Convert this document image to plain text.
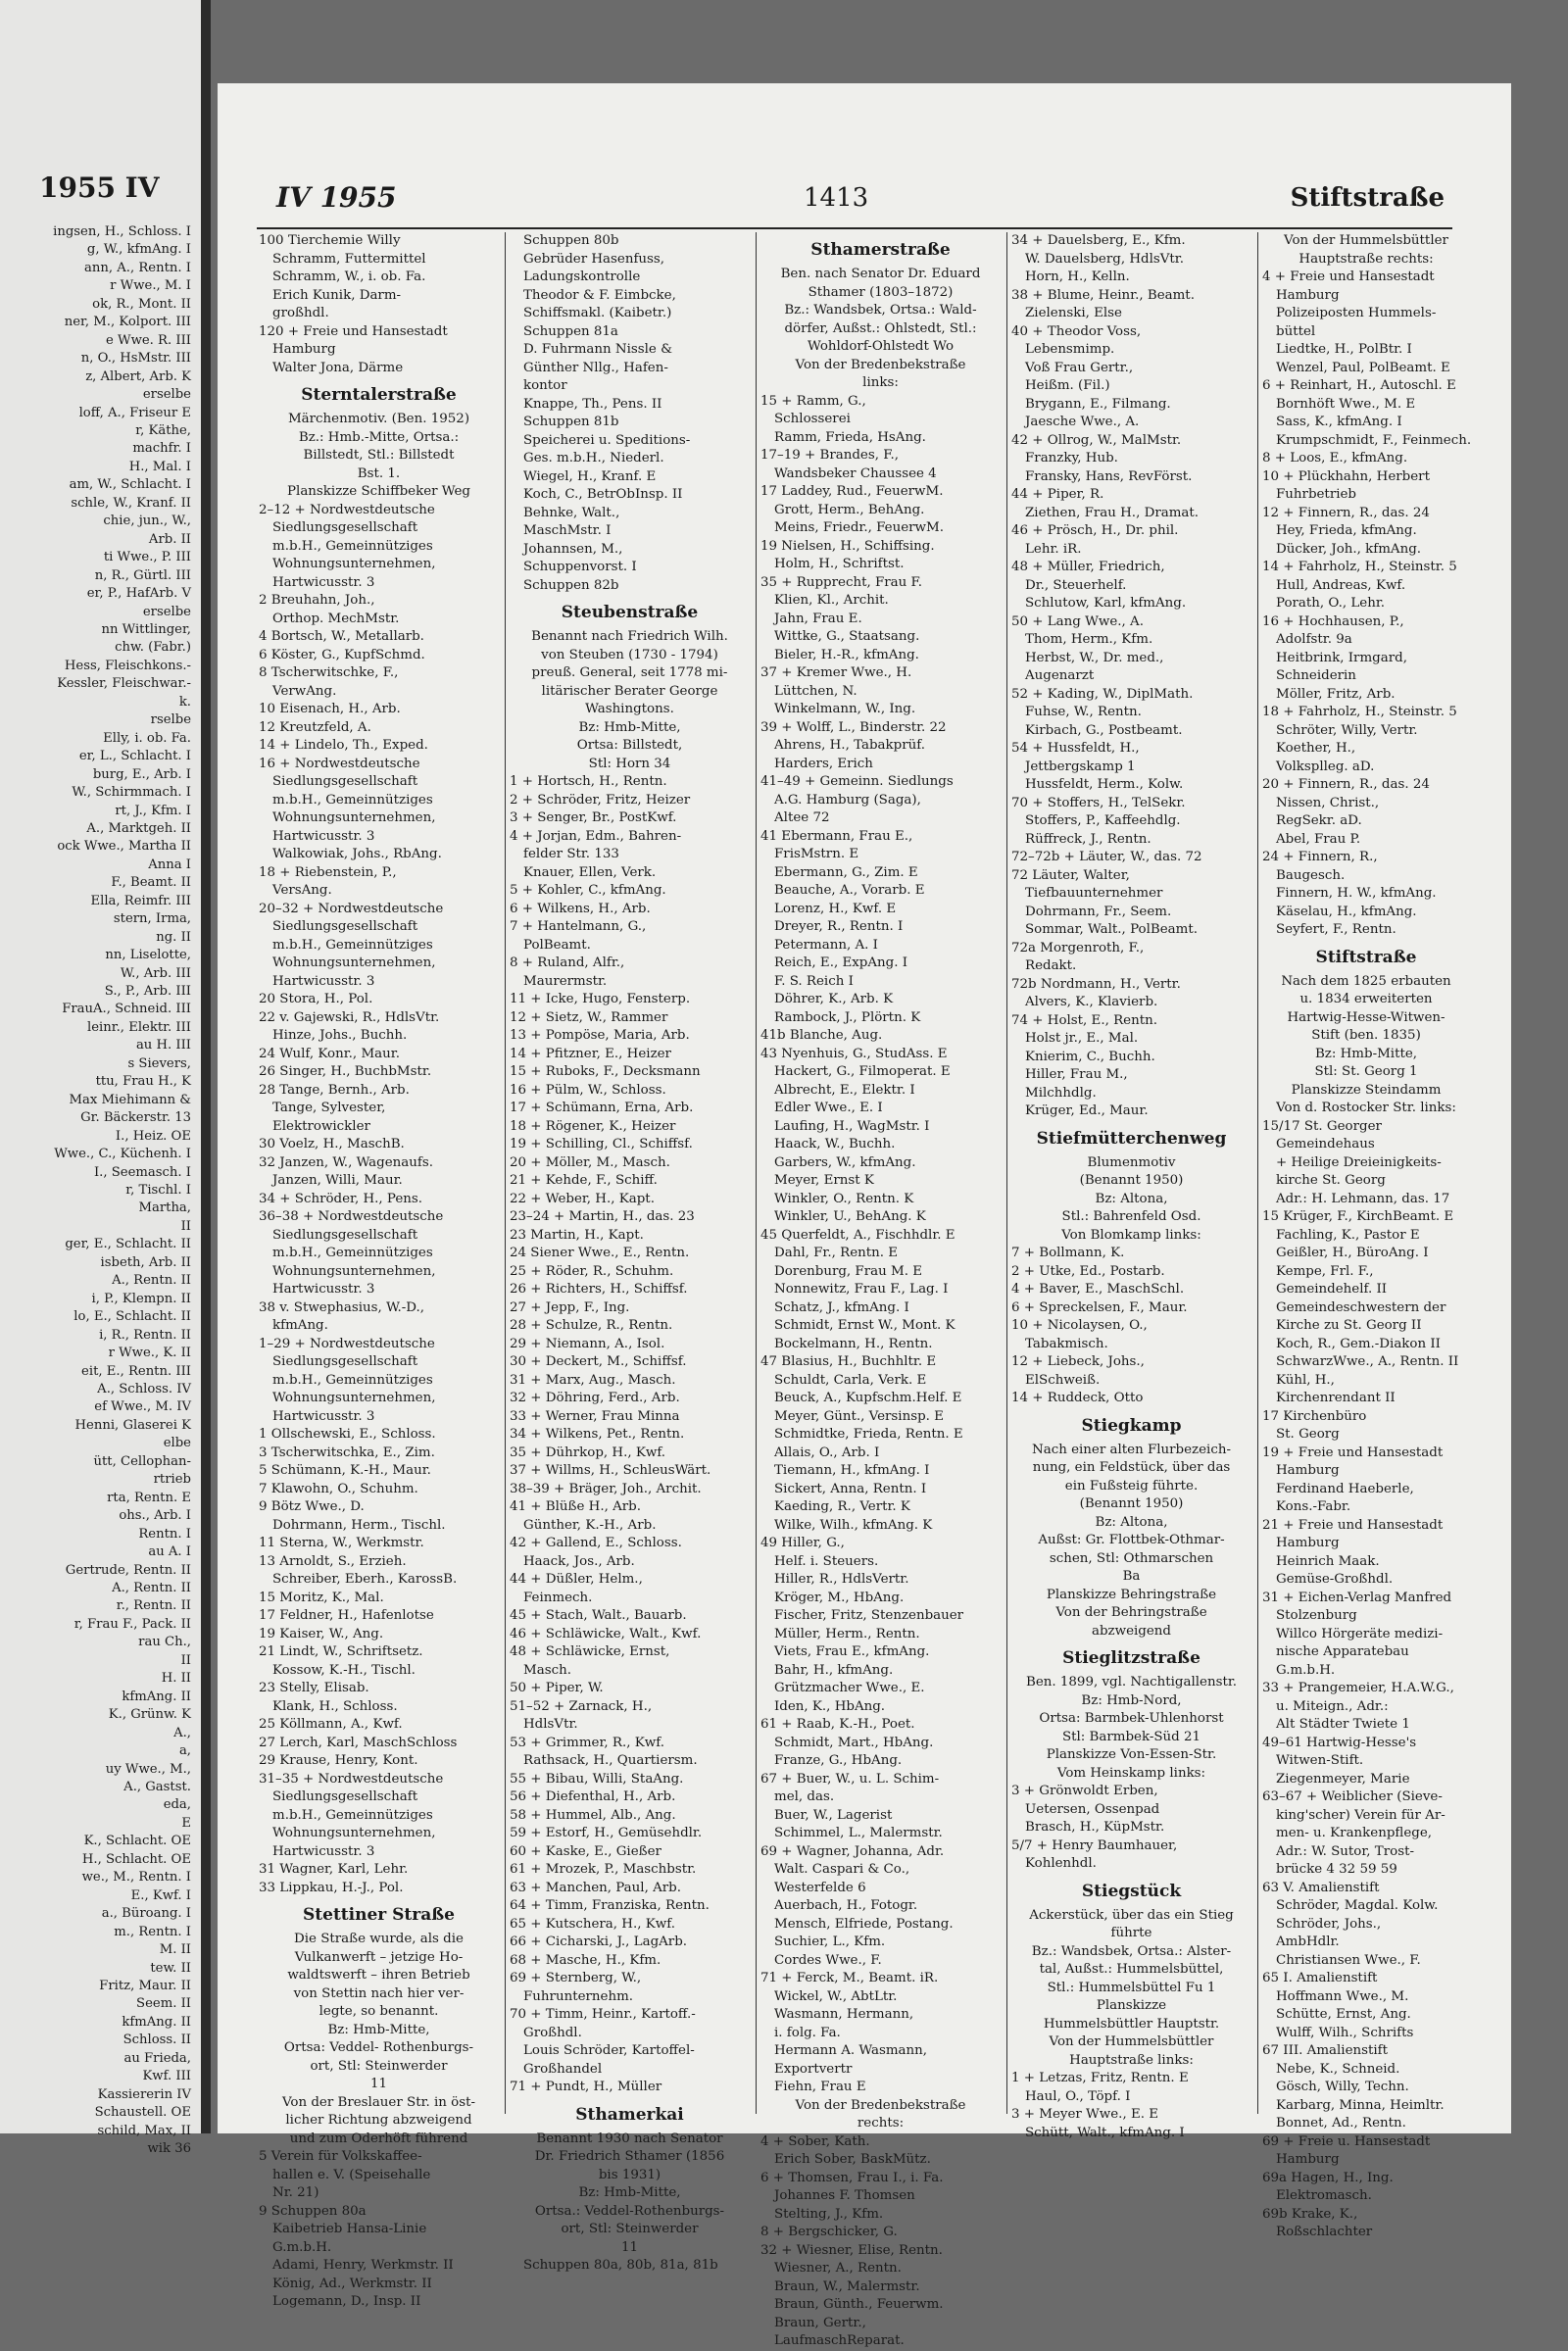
1955 IV
ingsen, H., Schloss. I
g, W., kfmAng. I
ann, A., Rentn. I
r Wwe., M. I
ok, R., Mont. II
ner, M., Kolport. III
e Wwe. R. III
n, O., HsMstr. III
z, Albert, Arb. K
erselbe
loff, A., Friseur E
r, Käthe,
machfr. I
H., Mal. I
am, W., Schlacht. I
schle, W., Kranf. II
chie, jun., W.,
Arb. II
ti Wwe., P. III
n, R., Gürtl. III
er, P., HafArb. V
erselbe
nn Wittlinger,
chw. (Fabr.)
Hess, Fleischkons.-
Kessler, Fleischwar.-
k.
rselbe
Elly, i. ob. Fa.
er, L., Schlacht. I
burg, E., Arb. I
W., Schirmmach. I
rt, J., Kfm. I
A., Marktgeh. II
ock Wwe., Martha II
Anna I
F., Beamt. II
Ella, Reimfr. III
stern, Irma,
ng. II
nn, Liselotte,
W., Arb. III
S., P., Arb. III
FrauA., Schneid. III
leinr., Elektr. III
au H. III
s Sievers,
ttu, Frau H., K
Max Miehimann &
Gr. Bäckerstr. 13
I., Heiz. OE
Wwe., C., Küchenh. I
I., Seemasch. I
r, Tischl. I
Martha,
II
ger, E., Schlacht. II
isbeth, Arb. II
A., Rentn. II
i, P., Klempn. II
lo, E., Schlacht. II
i, R., Rentn. II
r Wwe., K. II
eit, E., Rentn. III
A., Schloss. IV
ef Wwe., M. IV
Henni, Glaserei K
elbe
ütt, Cellophan-
rtrieb
rta, Rentn. E
ohs., Arb. I
Rentn. I
au A. I
Gertrude, Rentn. II
A., Rentn. II
r., Rentn. II
r, Frau F., Pack. II
rau Ch.,
II
H. II
kfmAng. II
K., Grünw. K
A.,
a,
uy Wwe., M.,
A., Gastst.
eda,
E
K., Schlacht. OE
H., Schlacht. OE
we., M., Rentn. I
E., Kwf. I
a., Büroang. I
m., Rentn. I
M. II
tew. II
Fritz, Maur. II
Seem. II
kfmAng. II
Schloss. II
au Frieda,
Kwf. III
Kassiererin IV
Schaustell. OE
schild, Max, II
wik 36
IV 1955	1413	Stiftstraße
100 Tierchemie Willy
Schramm, Futtermittel
Schramm, W., i. ob. Fa.
Erich Kunik, Darm-
großhdl.
120 + Freie und Hansestadt
Hamburg
Walter Jona, Därme
Sterntalerstraße
Märchenmotiv. (Ben. 1952)
Bz.: Hmb.-Mitte, Ortsa.:
Billstedt, Stl.: Billstedt
Bst. 1.
Planskizze Schiffbeker Weg
2–12 + Nordwestdeutsche
Siedlungsgesellschaft
m.b.H., Gemeinnütziges
Wohnungsunternehmen,
Hartwicusstr. 3
2 Breuhahn, Joh.,
Orthop. MechMstr.
4 Bortsch, W., Metallarb.
6 Köster, G., KupfSchmd.
8 Tscherwitschke, F.,
VerwAng.
10 Eisenach, H., Arb.
12 Kreutzfeld, A.
14 + Lindelo, Th., Exped.
16 + Nordwestdeutsche
Siedlungsgesellschaft
m.b.H., Gemeinnütziges
Wohnungsunternehmen,
Hartwicusstr. 3
Walkowiak, Johs., RbAng.
18 + Riebenstein, P.,
VersAng.
20–32 + Nordwestdeutsche
Siedlungsgesellschaft
m.b.H., Gemeinnütziges
Wohnungsunternehmen,
Hartwicusstr. 3
20 Stora, H., Pol.
22 v. Gajewski, R., HdlsVtr.
Hinze, Johs., Buchh.
24 Wulf, Konr., Maur.
26 Singer, H., BuchbMstr.
28 Tange, Bernh., Arb.
Tange, Sylvester,
Elektrowickler
30 Voelz, H., MaschB.
32 Janzen, W., Wagenaufs.
Janzen, Willi, Maur.
34 + Schröder, H., Pens.
36–38 + Nordwestdeutsche
Siedlungsgesellschaft
m.b.H., Gemeinnütziges
Wohnungsunternehmen,
Hartwicusstr. 3
38 v. Stwephasius, W.-D.,
kfmAng.
1–29 + Nordwestdeutsche
Siedlungsgesellschaft
m.b.H., Gemeinnütziges
Wohnungsunternehmen,
Hartwicusstr. 3
1 Ollschewski, E., Schloss.
3 Tscherwitschka, E., Zim.
5 Schümann, K.-H., Maur.
7 Klawohn, O., Schuhm.
9 Bötz Wwe., D.
Dohrmann, Herm., Tischl.
11 Sterna, W., Werkmstr.
13 Arnoldt, S., Erzieh.
Schreiber, Eberh., KarossB.
15 Moritz, K., Mal.
17 Feldner, H., Hafenlotse
19 Kaiser, W., Ang.
21 Lindt, W., Schriftsetz.
Kossow, K.-H., Tischl.
23 Stelly, Elisab.
Klank, H., Schloss.
25 Köllmann, A., Kwf.
27 Lerch, Karl, MaschSchloss
29 Krause, Henry, Kont.
31–35 + Nordwestdeutsche
Siedlungsgesellschaft
m.b.H., Gemeinnütziges
Wohnungsunternehmen,
Hartwicusstr. 3
31 Wagner, Karl, Lehr.
33 Lippkau, H.-J., Pol.
Stettiner Straße
Die Straße wurde, als die
Vulkanwerft – jetzige Ho-
waldtswerft – ihren Betrieb
von Stettin nach hier ver-
legte, so benannt.
Bz: Hmb-Mitte,
Ortsa: Veddel- Rothenburgs-
ort, Stl: Steinwerder
11
Von der Breslauer Str. in öst-
licher Richtung abzweigend
und zum Oderhöft führend
5 Verein für Volkskaffee-
hallen e. V. (Speisehalle
Nr. 21)
9 Schuppen 80a
Kaibetrieb Hansa-Linie
G.m.b.H.
Adami, Henry, Werkmstr. II
König, Ad., Werkmstr. II
Logemann, D., Insp. II
Schuppen 80b
Gebrüder Hasenfuss,
Ladungskontrolle
Theodor & F. Eimbcke,
Schiffsmakl. (Kaibetr.)
Schuppen 81a
D. Fuhrmann Nissle &
Günther Nllg., Hafen-
kontor
Knappe, Th., Pens. II
Schuppen 81b
Speicherei u. Speditions-
Ges. m.b.H., Niederl.
Wiegel, H., Kranf. E
Koch, C., BetrObInsp. II
Behnke, Walt.,
MaschMstr. I
Johannsen, M.,
Schuppenvorst. I
Schuppen 82b
Steubenstraße
Benannt nach Friedrich Wilh.
von Steuben (1730 - 1794)
preuß. General, seit 1778 mi-
litärischer Berater George
Washingtons.
Bz: Hmb-Mitte,
Ortsa: Billstedt,
Stl: Horn 34
1 + Hortsch, H., Rentn.
2 + Schröder, Fritz, Heizer
3 + Senger, Br., PostKwf.
4 + Jorjan, Edm., Bahren-
felder Str. 133
Knauer, Ellen, Verk.
5 + Kohler, C., kfmAng.
6 + Wilkens, H., Arb.
7 + Hantelmann, G.,
PolBeamt.
8 + Ruland, Alfr.,
Maurermstr.
11 + Icke, Hugo, Fensterp.
12 + Sietz, W., Rammer
13 + Pompöse, Maria, Arb.
14 + Pfitzner, E., Heizer
15 + Ruboks, F., Decksmann
16 + Pülm, W., Schloss.
17 + Schümann, Erna, Arb.
18 + Rögener, K., Heizer
19 + Schilling, Cl., Schiffsf.
20 + Möller, M., Masch.
21 + Kehde, F., Schiff.
22 + Weber, H., Kapt.
23–24 + Martin, H., das. 23
23 Martin, H., Kapt.
24 Siener Wwe., E., Rentn.
25 + Röder, R., Schuhm.
26 + Richters, H., Schiffsf.
27 + Jepp, F., Ing.
28 + Schulze, R., Rentn.
29 + Niemann, A., Isol.
30 + Deckert, M., Schiffsf.
31 + Marx, Aug., Masch.
32 + Döhring, Ferd., Arb.
33 + Werner, Frau Minna
34 + Wilkens, Pet., Rentn.
35 + Dührkop, H., Kwf.
37 + Willms, H., SchleusWärt.
38–39 + Bräger, Joh., Archit.
41 + Blüße H., Arb.
Günther, K.-H., Arb.
42 + Gallend, E., Schloss.
Haack, Jos., Arb.
44 + Düßler, Helm.,
Feinmech.
45 + Stach, Walt., Bauarb.
46 + Schläwicke, Walt., Kwf.
48 + Schläwicke, Ernst,
Masch.
50 + Piper, W.
51–52 + Zarnack, H.,
HdlsVtr.
53 + Grimmer, R., Kwf.
Rathsack, H., Quartiersm.
55 + Bibau, Willi, StaAng.
56 + Diefenthal, H., Arb.
58 + Hummel, Alb., Ang.
59 + Estorf, H., Gemüsehdlr.
60 + Kaske, E., Gießer
61 + Mrozek, P., Maschbstr.
63 + Manchen, Paul, Arb.
64 + Timm, Franziska, Rentn.
65 + Kutschera, H., Kwf.
66 + Cicharski, J., LagArb.
68 + Masche, H., Kfm.
69 + Sternberg, W.,
Fuhrunternehm.
70 + Timm, Heinr., Kartoff.-
Großhdl.
Louis Schröder, Kartoffel-
Großhandel
71 + Pundt, H., Müller
Sthamerkai
Benannt 1930 nach Senator
Dr. Friedrich Sthamer (1856
bis 1931)
Bz: Hmb-Mitte,
Ortsa.: Veddel-Rothenburgs-
ort, Stl: Steinwerder
11
Schuppen 80a, 80b, 81a, 81b
Sthamerstraße
Ben. nach Senator Dr. Eduard
Sthamer (1803–1872)
Bz.: Wandsbek, Ortsa.: Wald-
dörfer, Außst.: Ohlstedt, Stl.:
Wohldorf-Ohlstedt Wo
Von der Bredenbekstraße
links:
15 + Ramm, G.,
Schlosserei
Ramm, Frieda, HsAng.
17–19 + Brandes, F.,
Wandsbeker Chaussee 4
17 Laddey, Rud., FeuerwM.
Grott, Herm., BehAng.
Meins, Friedr., FeuerwM.
19 Nielsen, H., Schiffsing.
Holm, H., Schriftst.
35 + Rupprecht, Frau F.
Klien, Kl., Archit.
Jahn, Frau E.
Wittke, G., Staatsang.
Bieler, H.-R., kfmAng.
37 + Kremer Wwe., H.
Lüttchen, N.
Winkelmann, W., Ing.
39 + Wolff, L., Binderstr. 22
Ahrens, H., Tabakprüf.
Harders, Erich
41–49 + Gemeinn. Siedlungs
A.G. Hamburg (Saga),
Altee 72
41 Ebermann, Frau E.,
FrisMstrn. E
Ebermann, G., Zim. E
Beauche, A., Vorarb. E
Lorenz, H., Kwf. E
Dreyer, R., Rentn. I
Petermann, A. I
Reich, E., ExpAng. I
F. S. Reich I
Döhrer, K., Arb. K
Rambock, J., Plörtn. K
41b Blanche, Aug.
43 Nyenhuis, G., StudAss. E
Hackert, G., Filmoperat. E
Albrecht, E., Elektr. I
Edler Wwe., E. I
Laufing, H., WagMstr. I
Haack, W., Buchh.
Garbers, W., kfmAng.
Meyer, Ernst K
Winkler, O., Rentn. K
Winkler, U., BehAng. K
45 Querfeldt, A., Fischhdlr. E
Dahl, Fr., Rentn. E
Dorenburg, Frau M. E
Nonnewitz, Frau F., Lag. I
Schatz, J., kfmAng. I
Schmidt, Ernst W., Mont. K
Bockelmann, H., Rentn.
47 Blasius, H., Buchhltr. E
Schuldt, Carla, Verk. E
Beuck, A., Kupfschm.Helf. E
Meyer, Günt., Versinsp. E
Schmidtke, Frieda, Rentn. E
Allais, O., Arb. I
Tiemann, H., kfmAng. I
Sickert, Anna, Rentn. I
Kaeding, R., Vertr. K
Wilke, Wilh., kfmAng. K
49 Hiller, G.,
Helf. i. Steuers.
Hiller, R., HdlsVertr.
Kröger, M., HbAng.
Fischer, Fritz, Stenzenbauer
Müller, Herm., Rentn.
Viets, Frau E., kfmAng.
Bahr, H., kfmAng.
Grützmacher Wwe., E.
Iden, K., HbAng.
61 + Raab, K.-H., Poet.
Schmidt, Mart., HbAng.
Franze, G., HbAng.
67 + Buer, W., u. L. Schim-
mel, das.
Buer, W., Lagerist
Schimmel, L., Malermstr.
69 + Wagner, Johanna, Adr.
Walt. Caspari & Co.,
Westerfelde 6
Auerbach, H., Fotogr.
Mensch, Elfriede, Postang.
Suchier, L., Kfm.
Cordes Wwe., F.
71 + Ferck, M., Beamt. iR.
Wickel, W., AbtLtr.
Wasmann, Hermann,
i. folg. Fa.
Hermann A. Wasmann,
Exportvertr
Fiehn, Frau E
Von der Bredenbekstraße
rechts:
4 + Sober, Kath.
Erich Sober, BaskMütz.
6 + Thomsen, Frau I., i. Fa.
Johannes F. Thomsen
Stelting, J., Kfm.
8 + Bergschicker, G.
32 + Wiesner, Elise, Rentn.
Wiesner, A., Rentn.
Braun, W., Malermstr.
Braun, Günth., Feuerwm.
Braun, Gertr.,
LaufmaschReparat.
34 + Dauelsberg, E., Kfm.
W. Dauelsberg, HdlsVtr.
Horn, H., Kelln.
38 + Blume, Heinr., Beamt.
Zielenski, Else
40 + Theodor Voss,
Lebensmimp.
Voß Frau Gertr.,
Heißm. (Fil.)
Brygann, E., Filmang.
Jaesche Wwe., A.
42 + Ollrog, W., MalMstr.
Franzky, Hub.
Fransky, Hans, RevFörst.
44 + Piper, R.
Ziethen, Frau H., Dramat.
46 + Prösch, H., Dr. phil.
Lehr. iR.
48 + Müller, Friedrich,
Dr., Steuerhelf.
Schlutow, Karl, kfmAng.
50 + Lang Wwe., A.
Thom, Herm., Kfm.
Herbst, W., Dr. med.,
Augenarzt
52 + Kading, W., DiplMath.
Fuhse, W., Rentn.
Kirbach, G., Postbeamt.
54 + Hussfeldt, H.,
Jettbergskamp 1
Hussfeldt, Herm., Kolw.
70 + Stoffers, H., TelSekr.
Stoffers, P., Kaffeehdlg.
Rüffreck, J., Rentn.
72–72b + Läuter, W., das. 72
72 Läuter, Walter,
Tiefbauunternehmer
Dohrmann, Fr., Seem.
Sommar, Walt., PolBeamt.
72a Morgenroth, F.,
Redakt.
72b Nordmann, H., Vertr.
Alvers, K., Klavierb.
74 + Holst, E., Rentn.
Holst jr., E., Mal.
Knierim, C., Buchh.
Hiller, Frau M.,
Milchhdlg.
Krüger, Ed., Maur.
Stiefmütterchenweg
Blumenmotiv
(Benannt 1950)
Bz: Altona,
Stl.: Bahrenfeld Osd.
Von Blomkamp links:
7 + Bollmann, K.
2 + Utke, Ed., Postarb.
4 + Baver, E., MaschSchl.
6 + Spreckelsen, F., Maur.
10 + Nicolaysen, O.,
Tabakmisch.
12 + Liebeck, Johs.,
ElSchweiß.
14 + Ruddeck, Otto
Stiegkamp
Nach einer alten Flurbezeich-
nung, ein Feldstück, über das
ein Fußsteig führte.
(Benannt 1950)
Bz: Altona,
Außst: Gr. Flottbek-Othmar-
schen, Stl: Othmarschen
Ba
Planskizze Behringstraße
Von der Behringstraße
abzweigend
Stieglitzstraße
Ben. 1899, vgl. Nachtigallenstr.
Bz: Hmb-Nord,
Ortsa: Barmbek-Uhlenhorst
Stl: Barmbek-Süd 21
Planskizze Von-Essen-Str.
Vom Heinskamp links:
3 + Grönwoldt Erben,
Uetersen, Ossenpad
Brasch, H., KüpMstr.
5/7 + Henry Baumhauer,
Kohlenhdl.
Stiegstück
Ackerstück, über das ein Stieg
führte
Bz.: Wandsbek, Ortsa.: Alster-
tal, Außst.: Hummelsbüttel,
Stl.: Hummelsbüttel Fu 1
Planskizze
Hummelsbüttler Hauptstr.
Von der Hummelsbüttler
Hauptstraße links:
1 + Letzas, Fritz, Rentn. E
Haul, O., Töpf. I
3 + Meyer Wwe., E. E
Schütt, Walt., kfmAng. I
Von der Hummelsbüttler
Hauptstraße rechts:
4 + Freie und Hansestadt
Hamburg
Polizeiposten Hummels-
büttel
Liedtke, H., PolBtr. I
Wenzel, Paul, PolBeamt. E
6 + Reinhart, H., Autoschl. E
Bornhöft Wwe., M. E
Sass, K., kfmAng. I
Krumpschmidt, F., Feinmech.
8 + Loos, E., kfmAng.
10 + Plückhahn, Herbert
Fuhrbetrieb
12 + Finnern, R., das. 24
Hey, Frieda, kfmAng.
Dücker, Joh., kfmAng.
14 + Fahrholz, H., Steinstr. 5
Hull, Andreas, Kwf.
Porath, O., Lehr.
16 + Hochhausen, P.,
Adolfstr. 9a
Heitbrink, Irmgard,
Schneiderin
Möller, Fritz, Arb.
18 + Fahrholz, H., Steinstr. 5
Schröter, Willy, Vertr.
Koether, H.,
Volksplleg. aD.
20 + Finnern, R., das. 24
Nissen, Christ.,
RegSekr. aD.
Abel, Frau P.
24 + Finnern, R.,
Baugesch.
Finnern, H. W., kfmAng.
Käselau, H., kfmAng.
Seyfert, F., Rentn.
Stiftstraße
Nach dem 1825 erbauten
u. 1834 erweiterten
Hartwig-Hesse-Witwen-
Stift (ben. 1835)
Bz: Hmb-Mitte,
Stl: St. Georg 1
Planskizze Steindamm
Von d. Rostocker Str. links:
15/17 St. Georger
Gemeindehaus
+ Heilige Dreieinigkeits-
kirche St. Georg
Adr.: H. Lehmann, das. 17
15 Krüger, F., KirchBeamt. E
Fachling, K., Pastor E
Geißler, H., BüroAng. I
Kempe, Frl. F.,
Gemeindehelf. II
Gemeindeschwestern der
Kirche zu St. Georg II
Koch, R., Gem.-Diakon II
SchwarzWwe., A., Rentn. II
Kühl, H.,
Kirchenrendant II
17 Kirchenbüro
St. Georg
19 + Freie und Hansestadt
Hamburg
Ferdinand Haeberle,
Kons.-Fabr.
21 + Freie und Hansestadt
Hamburg
Heinrich Maak.
Gemüse-Großhdl.
31 + Eichen-Verlag Manfred
Stolzenburg
Willco Hörgeräte medizi-
nische Apparatebau
G.m.b.H.
33 + Prangemeier, H.A.W.G.,
u. Miteign., Adr.:
Alt Städter Twiete 1
49–61 Hartwig-Hesse's
Witwen-Stift.
Ziegenmeyer, Marie
63–67 + Weiblicher (Sieve-
king'scher) Verein für Ar-
men- u. Krankenpflege,
Adr.: W. Sutor, Trost-
brücke 4 32 59 59
63 V. Amalienstift
Schröder, Magdal. Kolw.
Schröder, Johs.,
AmbHdlr.
Christiansen Wwe., F.
65 I. Amalienstift
Hoffmann Wwe., M.
Schütte, Ernst, Ang.
Wulff, Wilh., Schrifts
67 III. Amalienstift
Nebe, K., Schneid.
Gösch, Willy, Techn.
Karbarg, Minna, Heimltr.
Bonnet, Ad., Rentn.
69 + Freie u. Hansestadt
Hamburg
69a Hagen, H., Ing.
Elektromasch.
69b Krake, K.,
Roßschlachter
